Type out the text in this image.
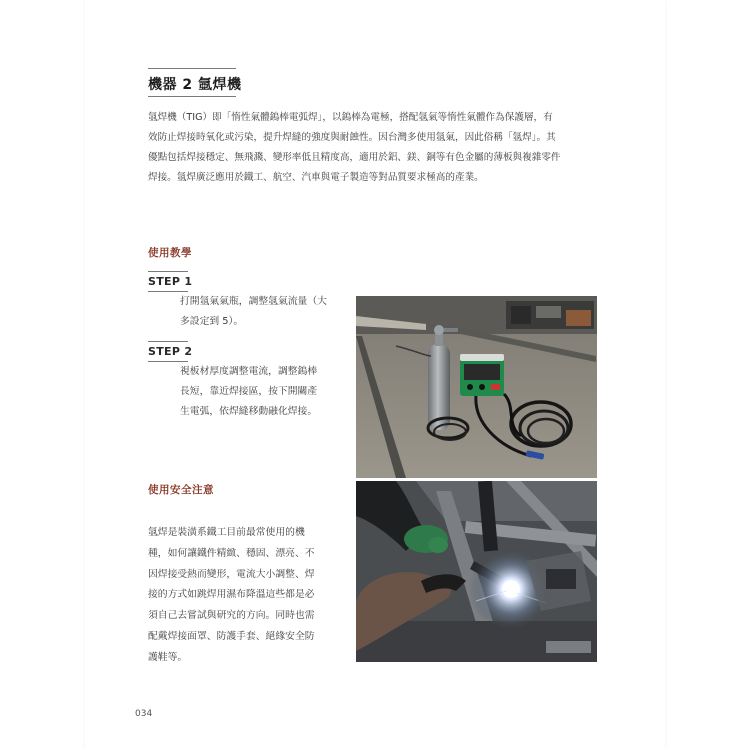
機器 2 氬焊機
氬焊機（TIG）即「惰性氣體鎢棒電弧焊」，以鎢棒為電極，搭配氬氣等惰性氣體作為保護層，有
效防止焊接時氧化或污染，提升焊縫的強度與耐蝕性。因台灣多使用氬氣，因此俗稱「氬焊」。其
優點包括焊接穩定、無飛濺、變形率低且精度高，適用於鋁、鎂、銅等有色金屬的薄板與複雜零件
焊接。氬焊廣泛應用於鐵工、航空、汽車與電子製造等對品質要求極高的產業。
使用教學
STEP 1
打開氬氣氣瓶，調整氬氣流量（大
多設定到 5）。
STEP 2
視板材厚度調整電流，調整鎢棒
長短，靠近焊接區，按下開關產
生電弧，依焊縫移動融化焊接。
使用安全注意
氬焊是裝潢系鐵工目前最常使用的機
種，如何讓鐵件精緻、穩固、漂亮、不
因焊接受熱而變形，電流大小調整、焊
接的方式如跳焊用濕布降溫這些都是必
須自己去嘗試與研究的方向。同時也需
配戴焊接面罩、防護手套、絕緣安全防
護鞋等。
034
